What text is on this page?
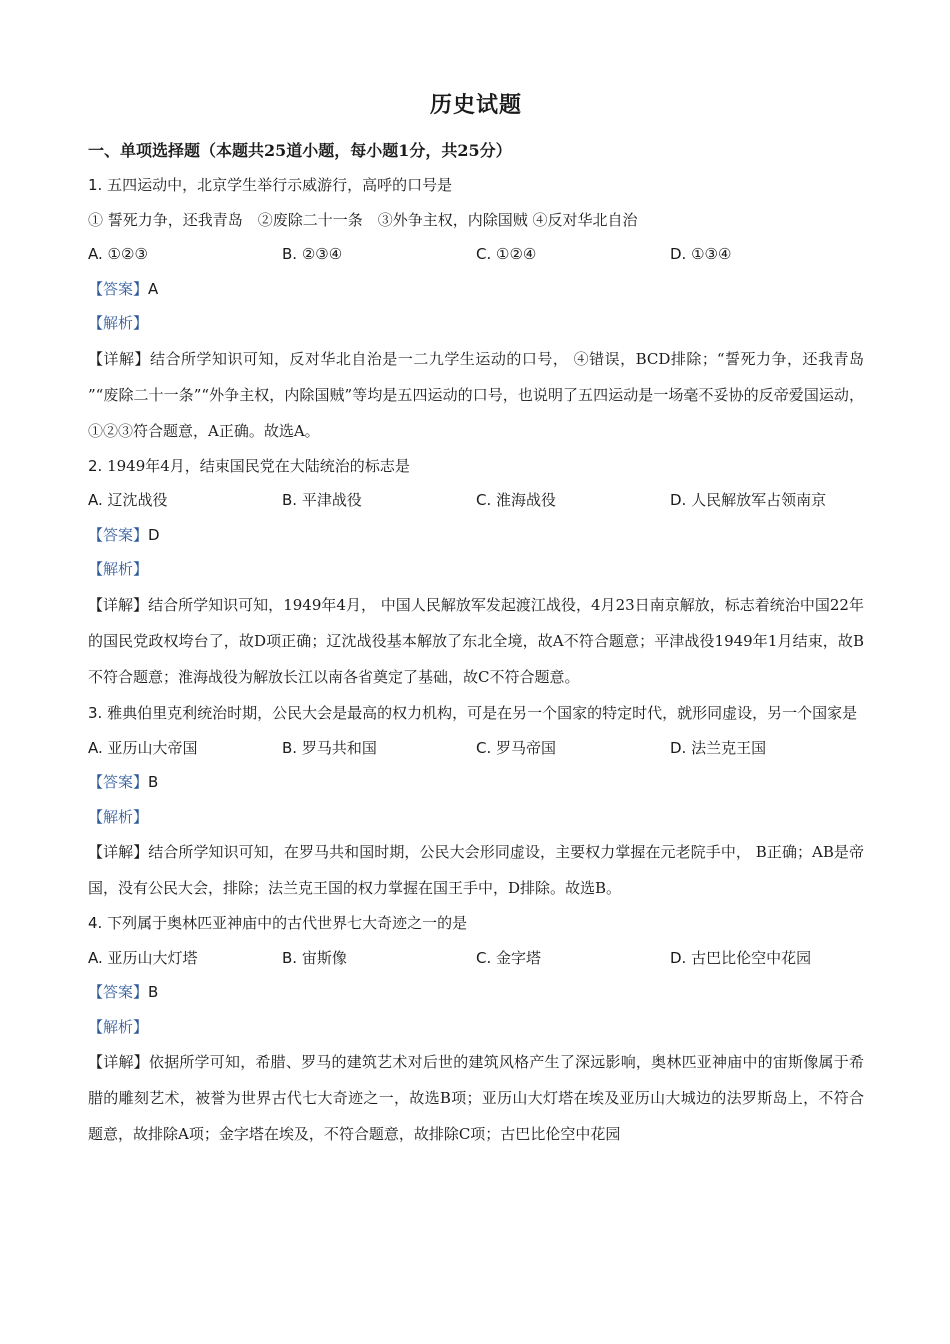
历史试题
一、单项选择题（本题共25道小题，每小题1分，共25分）
1. 五四运动中，北京学生举行示威游行，高呼的口号是
① 誓死力争，还我青岛　②废除二十一条　③外争主权，内除国贼 ④反对华北自治
A. ①②③	B. ②③④	C. ①②④	D. ①③④
【答案】A
【解析】
【详解】结合所学知识可知，反对华北自治是一二九学生运动的口号， ④错误，BCD排除；“誓死力争，还我青岛 ”“废除二十一条”“外争主权，内除国贼”等均是五四运动的口号，也说明了五四运动是一场毫不妥协的反帝爱国运动，①②③符合题意，A正确。故选A。
2. 1949年4月，结束国民党在大陆统治的标志是
A. 辽沈战役	B. 平津战役	C. 淮海战役	D. 人民解放军占领南京
【答案】D
【解析】
【详解】结合所学知识可知，1949年4月， 中国人民解放军发起渡江战役，4月23日南京解放，标志着统治中国22年的国民党政权垮台了，故D项正确；辽沈战役基本解放了东北全境，故A不符合题意；平津战役1949年1月结束，故B不符合题意；淮海战役为解放长江以南各省奠定了基础，故C不符合题意。
3. 雅典伯里克利统治时期，公民大会是最高的权力机构，可是在另一个国家的特定时代，就形同虚设，另一个国家是
A. 亚历山大帝国	B. 罗马共和国	C. 罗马帝国	D. 法兰克王国
【答案】B
【解析】
【详解】结合所学知识可知，在罗马共和国时期，公民大会形同虚设，主要权力掌握在元老院手中， B正确；AB是帝国，没有公民大会，排除；法兰克王国的权力掌握在国王手中，D排除。故选B。
4. 下列属于奥林匹亚神庙中的古代世界七大奇迹之一的是
A. 亚历山大灯塔	B. 宙斯像	C. 金字塔	D. 古巴比伦空中花园
【答案】B
【解析】
【详解】依据所学可知，希腊、罗马的建筑艺术对后世的建筑风格产生了深远影响，奥林匹亚神庙中的宙斯像属于希腊的雕刻艺术，被誉为世界古代七大奇迹之一，故选B项；亚历山大灯塔在埃及亚历山大城边的法罗斯岛上，不符合题意，故排除A项；金字塔在埃及，不符合题意，故排除C项；古巴比伦空中花园
